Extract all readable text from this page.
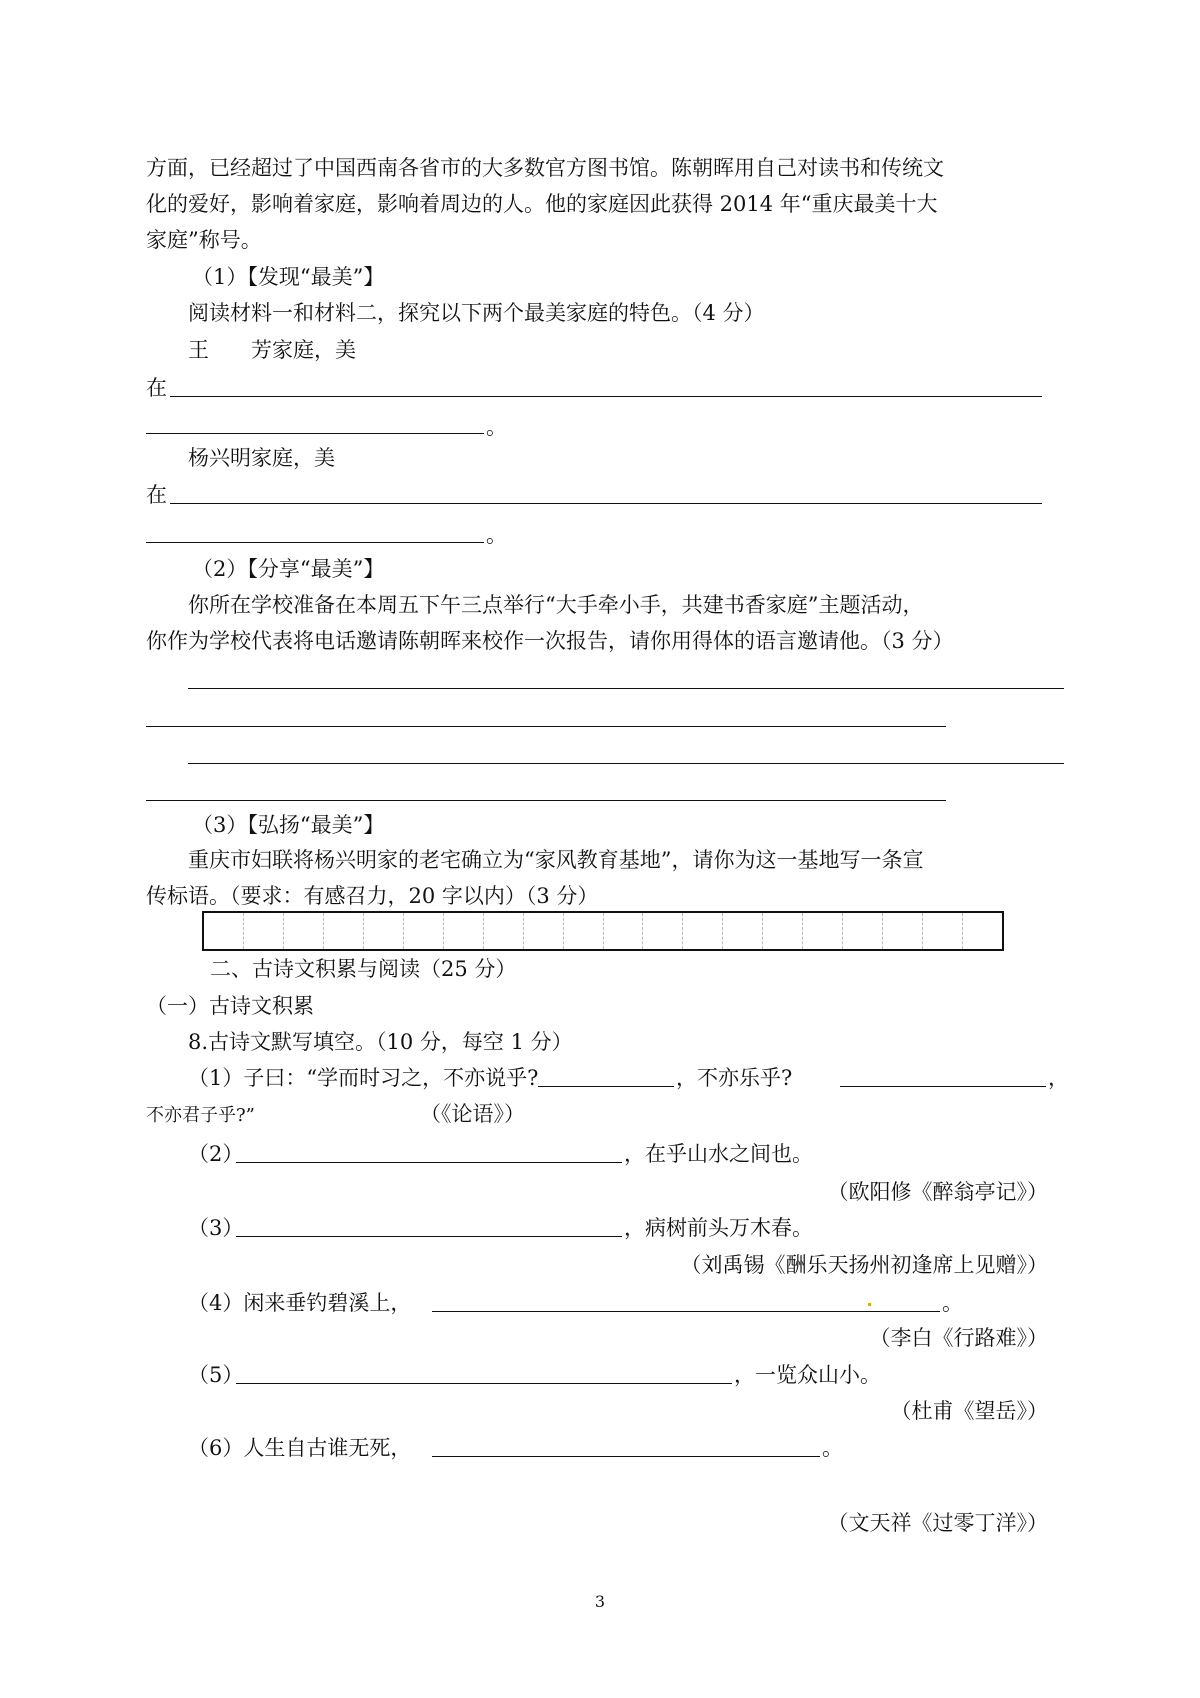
方面，已经超过了中国西南各省市的大多数官方图书馆。陈朝晖用自己对读书和传统文
化的爱好，影响着家庭，影响着周边的人。他的家庭因此获得 2014 年“重庆最美十大
家庭”称号。
（1）【发现“最美”】
阅读材料一和材料二，探究以下两个最美家庭的特色。（4 分）
王　　芳家庭，美
在
。
杨兴明家庭，美
在
。
（2）【分享“最美”】
你所在学校准备在本周五下午三点举行“大手牵小手，共建书香家庭”主题活动，
你作为学校代表将电话邀请陈朝晖来校作一次报告，请你用得体的语言邀请他。（3 分）
（3）【弘扬“最美”】
重庆市妇联将杨兴明家的老宅确立为“家风教育基地”，请你为这一基地写一条宣
传标语。（要求：有感召力，20 字以内）（3 分）
二、古诗文积累与阅读（25 分）
（一）古诗文积累
8.古诗文默写填空。（10 分，每空 1 分）
（1）子曰：“学而时习之，不亦说乎?	，不亦乐乎?	，
不亦君子乎?”	（《论语》）
（2）	，在乎山水之间也。
（欧阳修《醉翁亭记》）
（3）	，病树前头万木春。
（刘禹锡《酬乐天扬州初逢席上见赠》）
（4）闲来垂钓碧溪上，	。
（李白《行路难》）
（5）	，一览众山小。
（杜甫《望岳》）
（6）人生自古谁无死，	。
（文天祥《过零丁洋》）
3
